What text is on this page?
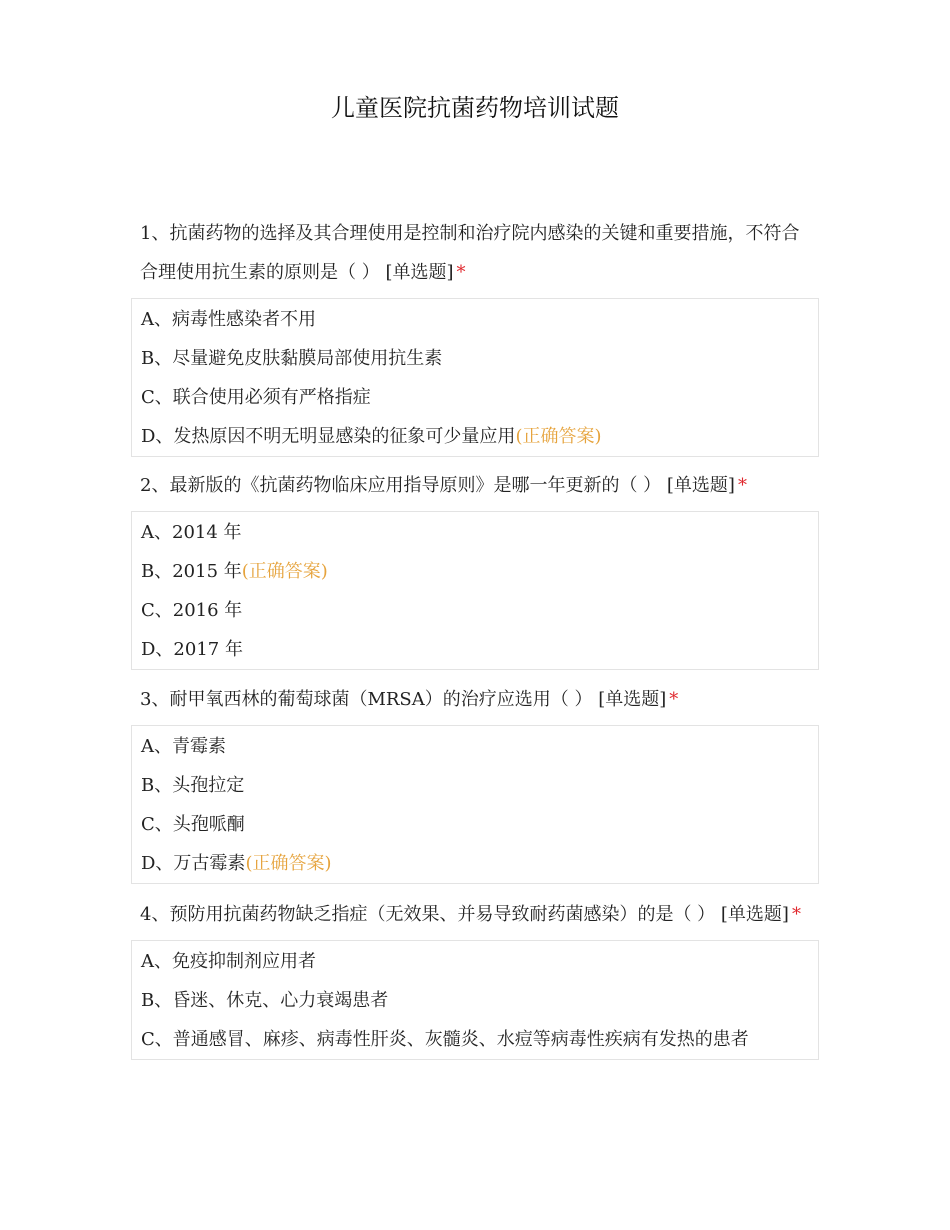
儿童医院抗菌药物培训试题
1、抗菌药物的选择及其合理使用是控制和治疗院内感染的关键和重要措施，不符合合理使用抗生素的原则是（ ） [单选题] *
A、病毒性感染者不用
B、尽量避免皮肤黏膜局部使用抗生素
C、联合使用必须有严格指症
D、发热原因不明无明显感染的征象可少量应用(正确答案)
2、最新版的《抗菌药物临床应用指导原则》是哪一年更新的（ ） [单选题] *
A、2014 年
B、2015 年(正确答案)
C、2016 年
D、2017 年
3、耐甲氧西林的葡萄球菌（MRSA）的治疗应选用（ ） [单选题] *
A、青霉素
B、头孢拉定
C、头孢哌酮
D、万古霉素(正确答案)
4、预防用抗菌药物缺乏指症（无效果、并易导致耐药菌感染）的是（ ） [单选题] *
A、免疫抑制剂应用者
B、昏迷、休克、心力衰竭患者
C、普通感冒、麻疹、病毒性肝炎、灰髓炎、水痘等病毒性疾病有发热的患者
